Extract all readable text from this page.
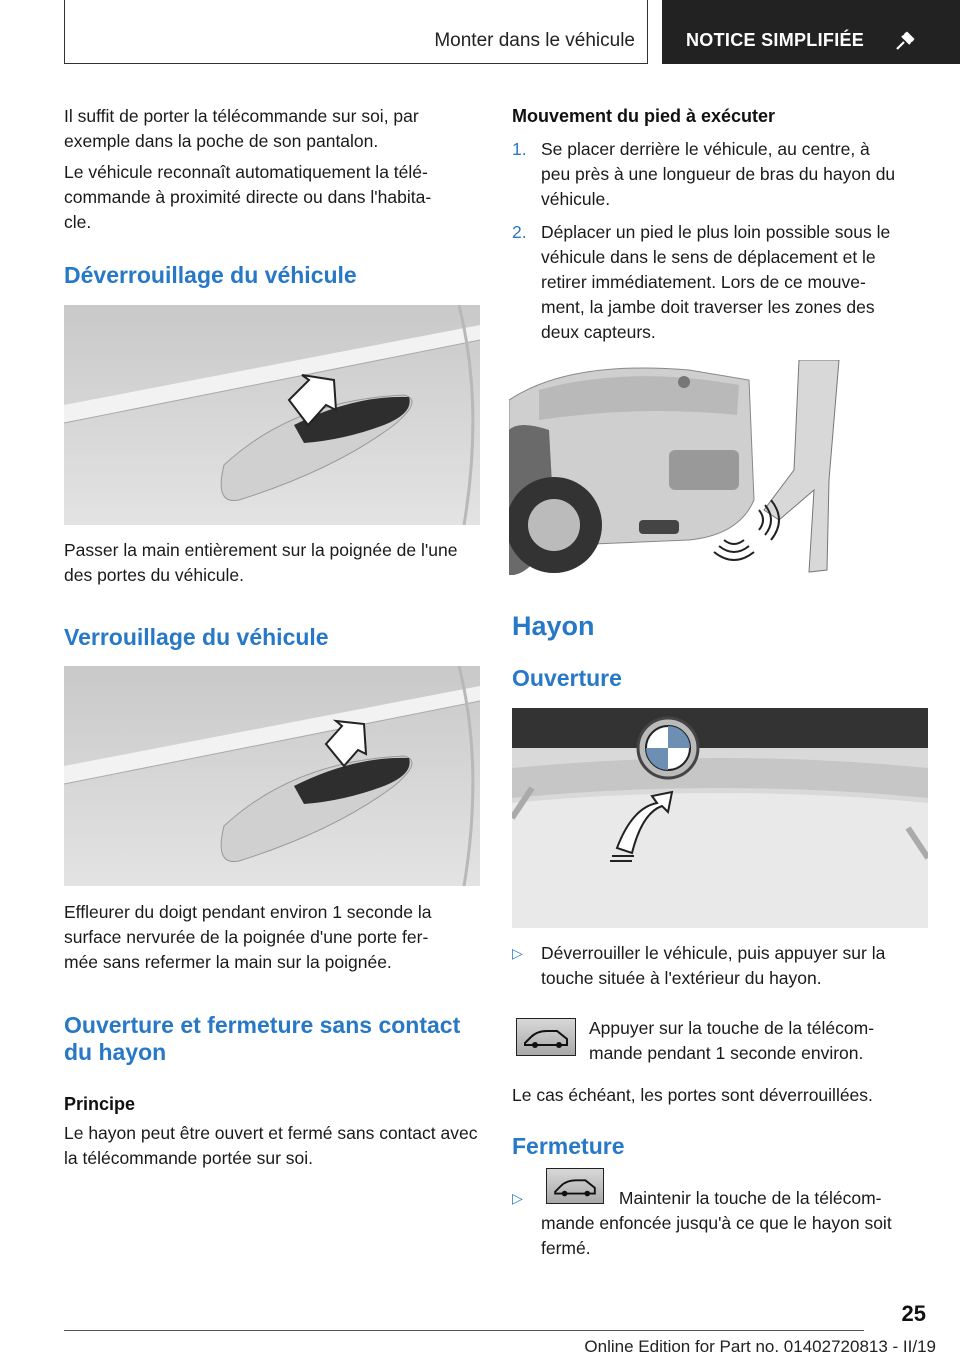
Monter dans le véhicule	NOTICE SIMPLIFIÉE

Il suffit de porter la télécommande sur soi, par exemple dans la poche de son pantalon.

Le véhicule reconnaît automatiquement la télé-
commande à proximité directe ou dans l'habita-
cle.

Déverrouillage du véhicule
Passer la main entièrement sur la poignée de l'une des portes du véhicule.
Verrouillage du véhicule
Effleurer du doigt pendant environ 1 seconde la
surface nervurée de la poignée d'une porte fer-
mée sans refermer la main sur la poignée.
Ouverture et fermeture sans contact
du hayon

Principe

Le hayon peut être ouvert et fermé sans contact avec la télécommande portée sur soi.

Mouvement du pied à exécuter

1. Se placer derrière le véhicule, au centre, à
peu près à une longueur de bras du hayon du
véhicule.
2. Déplacer un pied le plus loin possible sous le
véhicule dans le sens de déplacement et le
retirer immédiatement. Lors de ce mouve-
ment, la jambe doit traverser les zones des
deux capteurs.
Hayon
Ouverture
▷ Déverrouiller le véhicule, puis appuyer sur la
touche située à l'extérieur du hayon.
Appuyer sur la touche de la télécom-
mande pendant 1 seconde environ.
Le cas échéant, les portes sont déverrouillées.
Fermeture
▷	Maintenir la touche de la télécom-
mande enfoncée jusqu'à ce que le hayon soit
fermé.
25
Online Edition for Part no. 01402720813 - II/19
